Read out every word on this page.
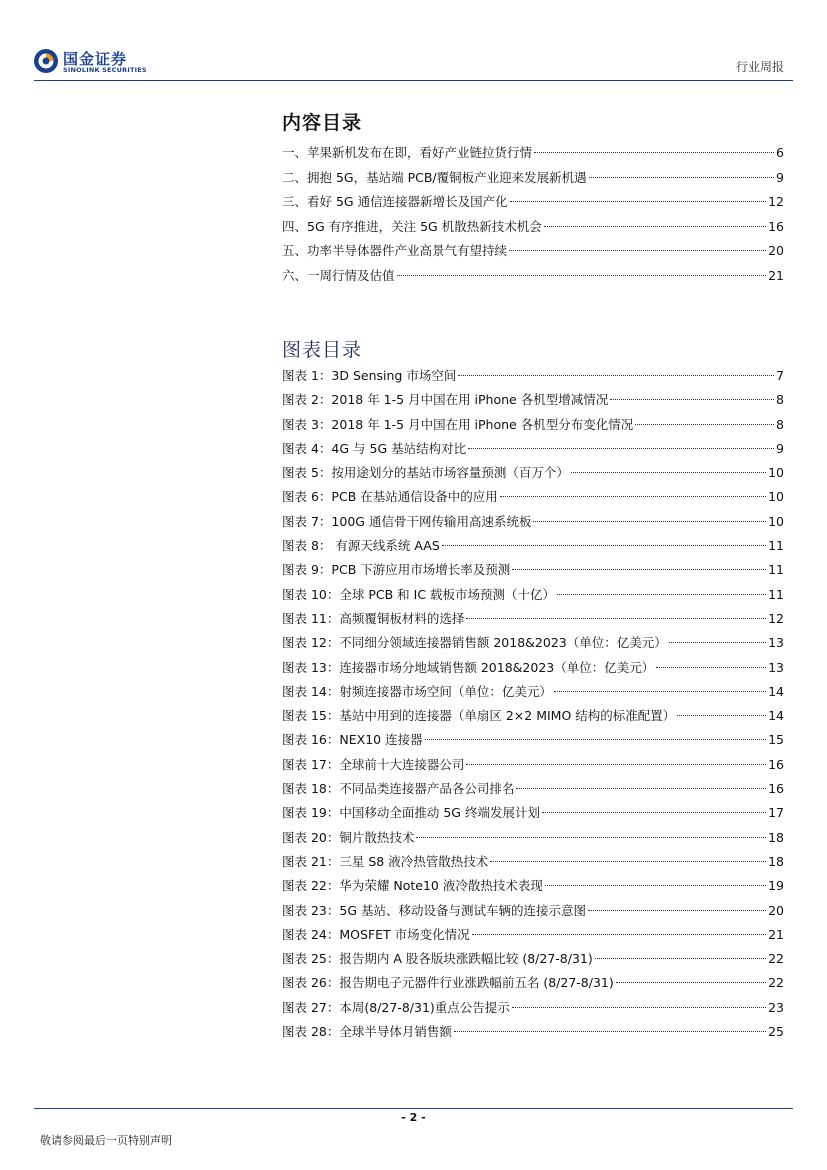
国金证券
SINOLINK SECURITIES	行业周报
内容目录
一、苹果新机发布在即，看好产业链拉货行情	6
二、拥抱 5G，基站端 PCB/覆铜板产业迎来发展新机遇	9
三、看好 5G 通信连接器新增长及国产化	12
四、5G 有序推进，关注 5G 机散热新技术机会	16
五、功率半导体器件产业高景气有望持续	20
六、一周行情及估值	21
图表目录
图表 1：3D Sensing 市场空间	7
图表 2：2018 年 1-5 月中国在用 iPhone 各机型增减情况	8
图表 3：2018 年 1-5 月中国在用 iPhone 各机型分布变化情况	8
图表 4：4G 与 5G 基站结构对比	9
图表 5：按用途划分的基站市场容量预测（百万个）	10
图表 6：PCB 在基站通信设备中的应用	10
图表 7：100G 通信骨干网传输用高速系统板	10
图表 8： 有源天线系统 AAS	11
图表 9：PCB 下游应用市场增长率及预测	11
图表 10：全球 PCB 和 IC 载板市场预测（十亿）	11
图表 11：高频覆铜板材料的选择	12
图表 12：不同细分领域连接器销售额 2018&2023（单位：亿美元）	13
图表 13：连接器市场分地域销售额 2018&2023（单位：亿美元）	13
图表 14：射频连接器市场空间（单位：亿美元）	14
图表 15：基站中用到的连接器（单扇区 2×2 MIMO 结构的标准配置）	14
图表 16：NEX10 连接器	15
图表 17：全球前十大连接器公司	16
图表 18：不同品类连接器产品各公司排名	16
图表 19：中国移动全面推动 5G 终端发展计划	17
图表 20：铜片散热技术	18
图表 21：三星 S8 液冷热管散热技术	18
图表 22：华为荣耀 Note10 液冷散热技术表现	19
图表 23：5G 基站、移动设备与测试车辆的连接示意图	20
图表 24：MOSFET 市场变化情况	21
图表 25：报告期内 A 股各版块涨跌幅比较 (8/27-8/31)	22
图表 26：报告期电子元器件行业涨跌幅前五名 (8/27-8/31)	22
图表 27：本周(8/27-8/31)重点公告提示	23
图表 28：全球半导体月销售额	25
- 2 -
敬请参阅最后一页特别声明
